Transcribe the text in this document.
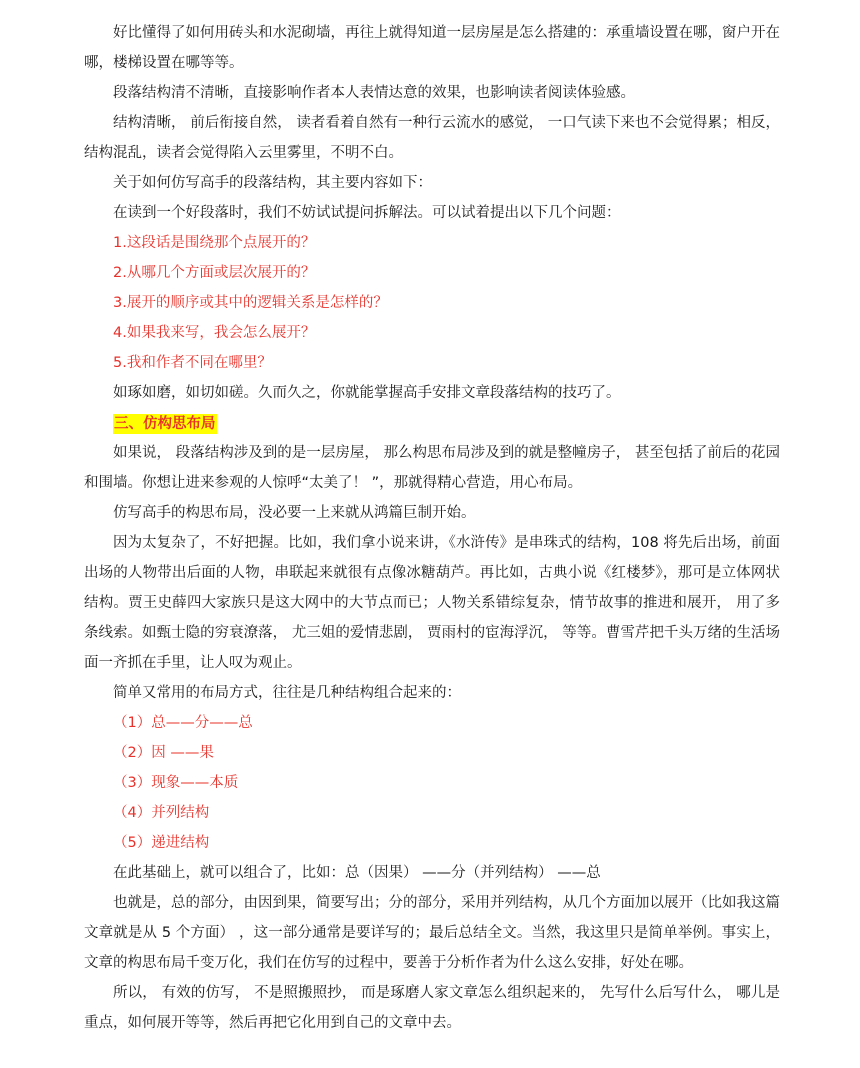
好比懂得了如何用砖头和水泥砌墙，再往上就得知道一层房屋是怎么搭建的：承重墙设置在哪，窗户开在哪，楼梯设置在哪等等。

段落结构清不清晰，直接影响作者本人表情达意的效果，也影响读者阅读体验感。

结构清晰， 前后衔接自然， 读者看着自然有一种行云流水的感觉， 一口气读下来也不会觉得累；相反，结构混乱，读者会觉得陷入云里雾里，不明不白。

关于如何仿写高手的段落结构，其主要内容如下：

在读到一个好段落时，我们不妨试试提问拆解法。可以试着提出以下几个问题：

1.这段话是围绕那个点展开的？

2.从哪几个方面或层次展开的？

3.展开的顺序或其中的逻辑关系是怎样的？

4.如果我来写，我会怎么展开？

5.我和作者不同在哪里？

如琢如磨，如切如磋。久而久之，你就能掌握高手安排文章段落结构的技巧了。

三、仿构思布局

如果说， 段落结构涉及到的是一层房屋， 那么构思布局涉及到的就是整幢房子， 甚至包括了前后的花园和围墙。你想让进来参观的人惊呼“太美了！ ”，那就得精心营造，用心布局。

仿写高手的构思布局，没必要一上来就从鸿篇巨制开始。

因为太复杂了，不好把握。比如，我们拿小说来讲，《水浒传》是串珠式的结构，108 将先后出场，前面出场的人物带出后面的人物，串联起来就很有点像冰糖葫芦。再比如，古典小说《红楼梦》，那可是立体网状结构。贾王史薛四大家族只是这大网中的大节点而已；人物关系错综复杂，情节故事的推进和展开， 用了多条线索。如甄士隐的穷衰潦落， 尤三姐的爱情悲剧， 贾雨村的宦海浮沉， 等等。曹雪芹把千头万绪的生活场面一齐抓在手里，让人叹为观止。

简单又常用的布局方式，往往是几种结构组合起来的：

（1）总——分——总

（2）因 ——果

（3）现象——本质

（4）并列结构

（5）递进结构

在此基础上，就可以组合了，比如：总（因果） ——分（并列结构） ——总

也就是，总的部分，由因到果，简要写出；分的部分，采用并列结构，从几个方面加以展开（比如我这篇文章就是从 5 个方面） ，这一部分通常是要详写的；最后总结全文。当然，我这里只是简单举例。事实上，文章的构思布局千变万化，我们在仿写的过程中，要善于分析作者为什么这么安排，好处在哪。

所以， 有效的仿写， 不是照搬照抄， 而是琢磨人家文章怎么组织起来的， 先写什么后写什么， 哪儿是重点，如何展开等等，然后再把它化用到自己的文章中去。
